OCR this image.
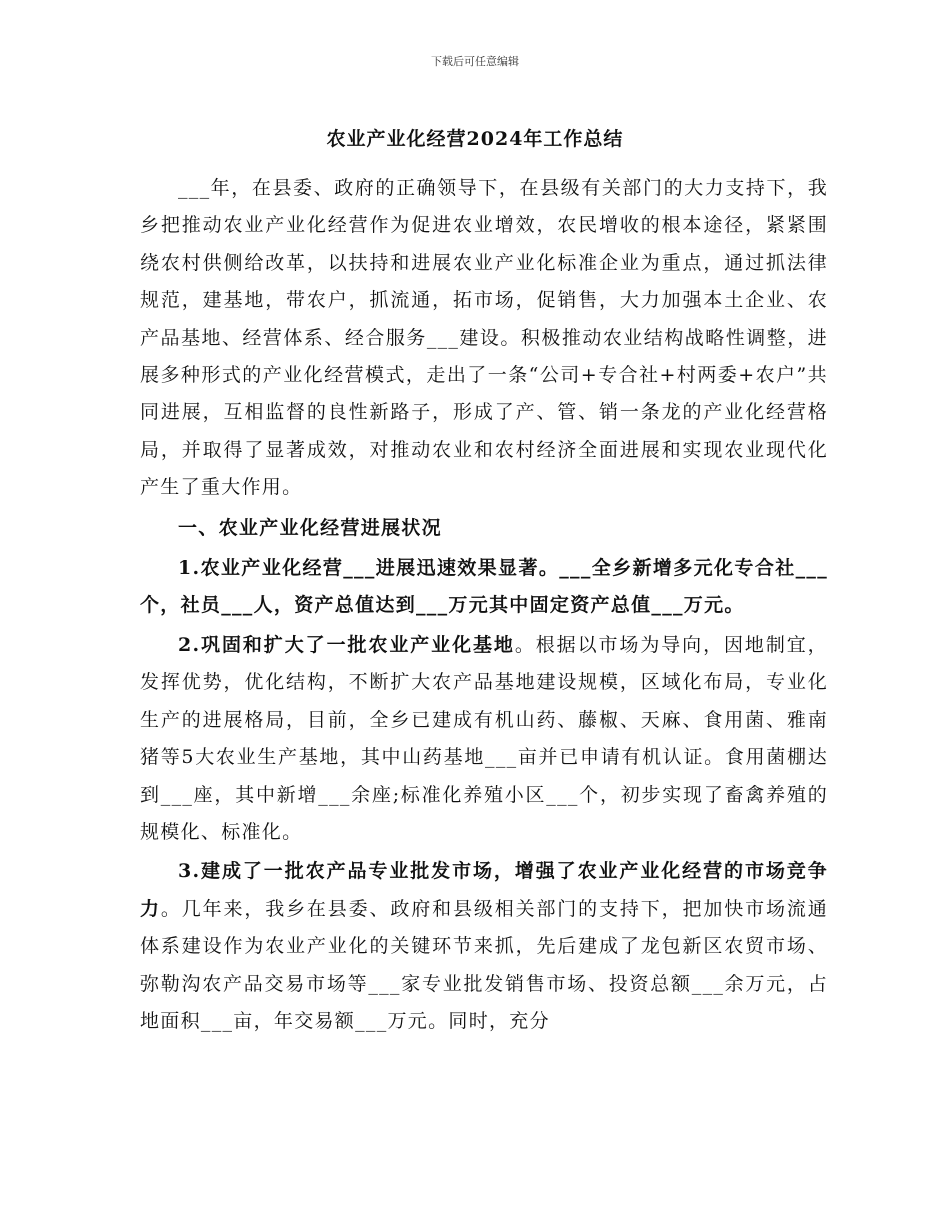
下载后可任意编辑
农业产业化经营2024年工作总结

___年，在县委、政府的正确领导下，在县级有关部门的大力支持下，我乡把推动农业产业化经营作为促进农业增效，农民增收的根本途径，紧紧围绕农村供侧给改革，以扶持和进展农业产业化标准企业为重点，通过抓法律规范，建基地，带农户，抓流通，拓市场，促销售，大力加强本土企业、农产品基地、经营体系、经合服务___建设。积极推动农业结构战略性调整，进展多种形式的产业化经营模式，走出了一条“公司+专合社+村两委+农户”共同进展，互相监督的良性新路子，形成了产、管、销一条龙的产业化经营格局，并取得了显著成效，对推动农业和农村经济全面进展和实现农业现代化产生了重大作用。

一、农业产业化经营进展状况

1.农业产业化经营___进展迅速效果显著。___全乡新增多元化专合社___个，社员___人，资产总值达到___万元其中固定资产总值___万元。

2.巩固和扩大了一批农业产业化基地。根据以市场为导向，因地制宜，发挥优势，优化结构，不断扩大农产品基地建设规模，区域化布局，专业化生产的进展格局，目前，全乡已建成有机山药、藤椒、天麻、食用菌、雅南猪等5大农业生产基地，其中山药基地___亩并已申请有机认证。食用菌棚达到___座，其中新增___余座;标准化养殖小区___个，初步实现了畜禽养殖的规模化、标准化。

3.建成了一批农产品专业批发市场，增强了农业产业化经营的市场竞争力。几年来，我乡在县委、政府和县级相关部门的支持下，把加快市场流通体系建设作为农业产业化的关键环节来抓，先后建成了龙包新区农贸市场、弥勒沟农产品交易市场等___家专业批发销售市场、投资总额___余万元，占地面积___亩，年交易额___万元。同时，充分
